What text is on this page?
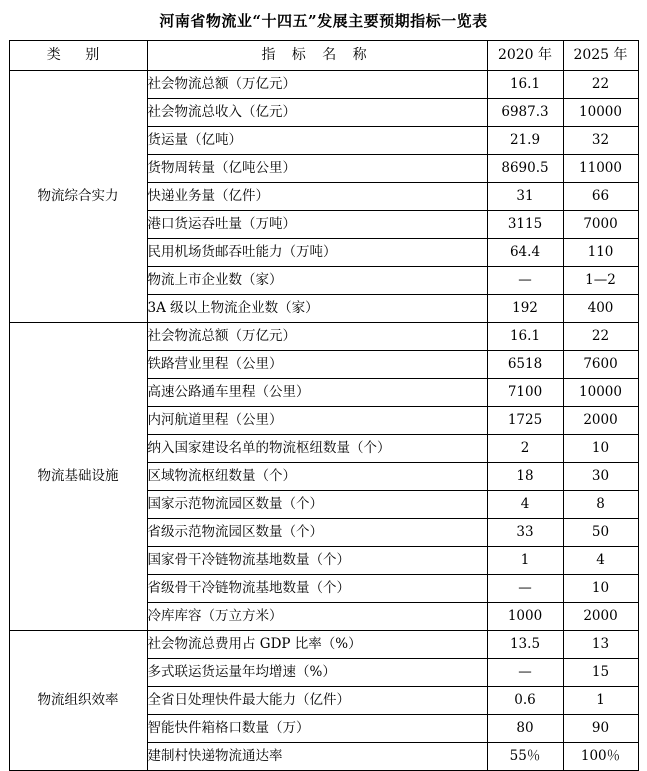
河南省物流业“十四五”发展主要预期指标一览表
类 别	指 标 名 称	2020 年	2025 年
物流综合实力	社会物流总额（万亿元）	16.1	22
	社会物流总收入（亿元）	6987.3	10000
	货运量（亿吨）	21.9	32
	货物周转量（亿吨公里）	8690.5	11000
	快递业务量（亿件）	31	66
	港口货运吞吐量（万吨）	3115	7000
	民用机场货邮吞吐能力（万吨）	64.4	110
	物流上市企业数（家）	—	1—2
	3A 级以上物流企业数（家）	192	400
物流基础设施	社会物流总额（万亿元）	16.1	22
	铁路营业里程（公里）	6518	7600
	高速公路通车里程（公里）	7100	10000
	内河航道里程（公里）	1725	2000
	纳入国家建设名单的物流枢纽数量（个）	2	10
	区域物流枢纽数量（个）	18	30
	国家示范物流园区数量（个）	4	8
	省级示范物流园区数量（个）	33	50
	国家骨干冷链物流基地数量（个）	1	4
	省级骨干冷链物流基地数量（个）	—	10
	冷库库容（万立方米）	1000	2000
物流组织效率	社会物流总费用占 GDP 比率（%）	13.5	13
	多式联运货运量年均增速（%）	—	15
	全省日处理快件最大能力（亿件）	0.6	1
	智能快件箱格口数量（万）	80	90
	建制村快递物流通达率	55％	100％
